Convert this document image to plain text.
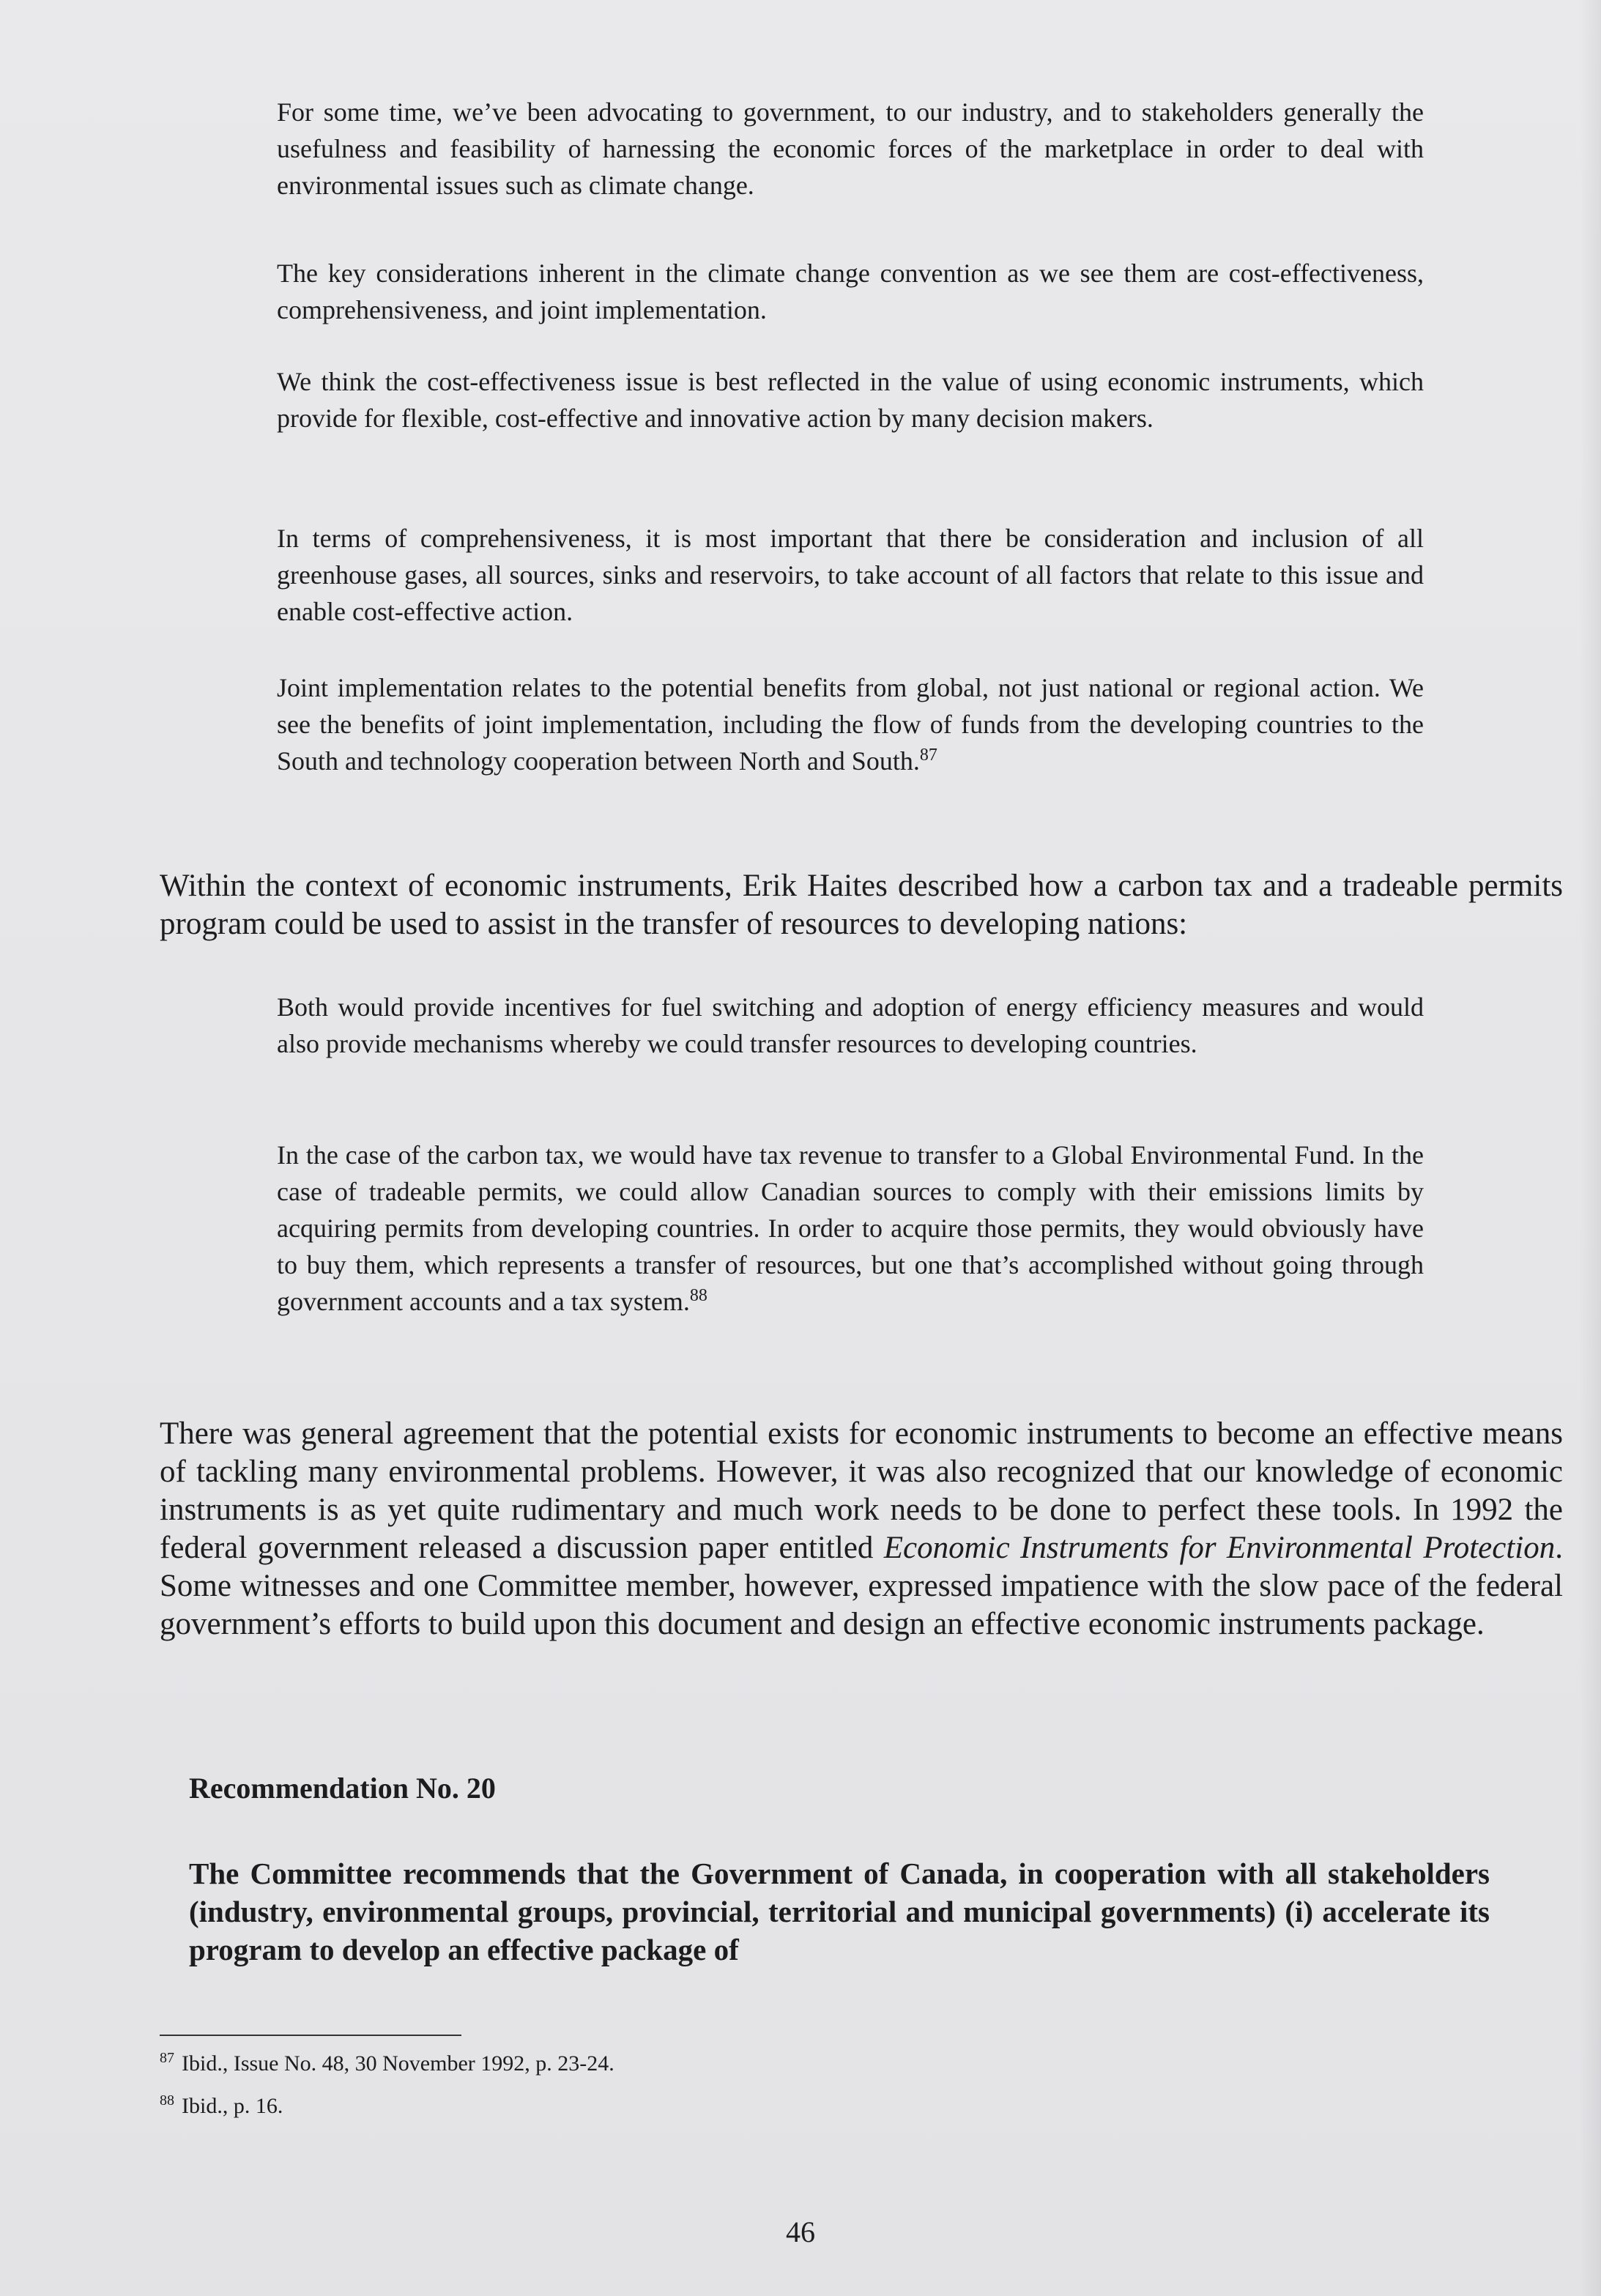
For some time, we’ve been advocating to government, to our industry, and to stakeholders generally the usefulness and feasibility of harnessing the economic forces of the marketplace in order to deal with environmental issues such as climate change.

The key considerations inherent in the climate change convention as we see them are cost-effectiveness, comprehensiveness, and joint implementation.

We think the cost-effectiveness issue is best reflected in the value of using economic instruments, which provide for flexible, cost-effective and innovative action by many decision makers.

In terms of comprehensiveness, it is most important that there be consideration and inclusion of all greenhouse gases, all sources, sinks and reservoirs, to take account of all factors that relate to this issue and enable cost-effective action.

Joint implementation relates to the potential benefits from global, not just national or regional action. We see the benefits of joint implementation, including the flow of funds from the developing countries to the South and technology cooperation between North and South.$^{87}$

Within the context of economic instruments, Erik Haites described how a carbon tax and a tradeable permits program could be used to assist in the transfer of resources to developing nations:

Both would provide incentives for fuel switching and adoption of energy efficiency measures and would also provide mechanisms whereby we could transfer resources to developing countries.

In the case of the carbon tax, we would have tax revenue to transfer to a Global Environmental Fund. In the case of tradeable permits, we could allow Canadian sources to comply with their emissions limits by acquiring permits from developing countries. In order to acquire those permits, they would obviously have to buy them, which represents a transfer of resources, but one that’s accomplished without going through government accounts and a tax system.$^{88}$

There was general agreement that the potential exists for economic instruments to become an effective means of tackling many environmental problems. However, it was also recognized that our knowledge of economic instruments is as yet quite rudimentary and much work needs to be done to perfect these tools. In 1992 the federal government released a discussion paper entitled Economic Instruments for Environmental Protection. Some witnesses and one Committee member, however, expressed impatience with the slow pace of the federal government’s efforts to build upon this document and design an effective economic instruments package.

Recommendation No. 20

The Committee recommends that the Government of Canada, in cooperation with all stakeholders (industry, environmental groups, provincial, territorial and municipal governments) (i) accelerate its program to develop an effective package of

$^{87}$ Ibid., Issue No. 48, 30 November 1992, p. 23-24.

$^{88}$ Ibid., p. 16.

46
